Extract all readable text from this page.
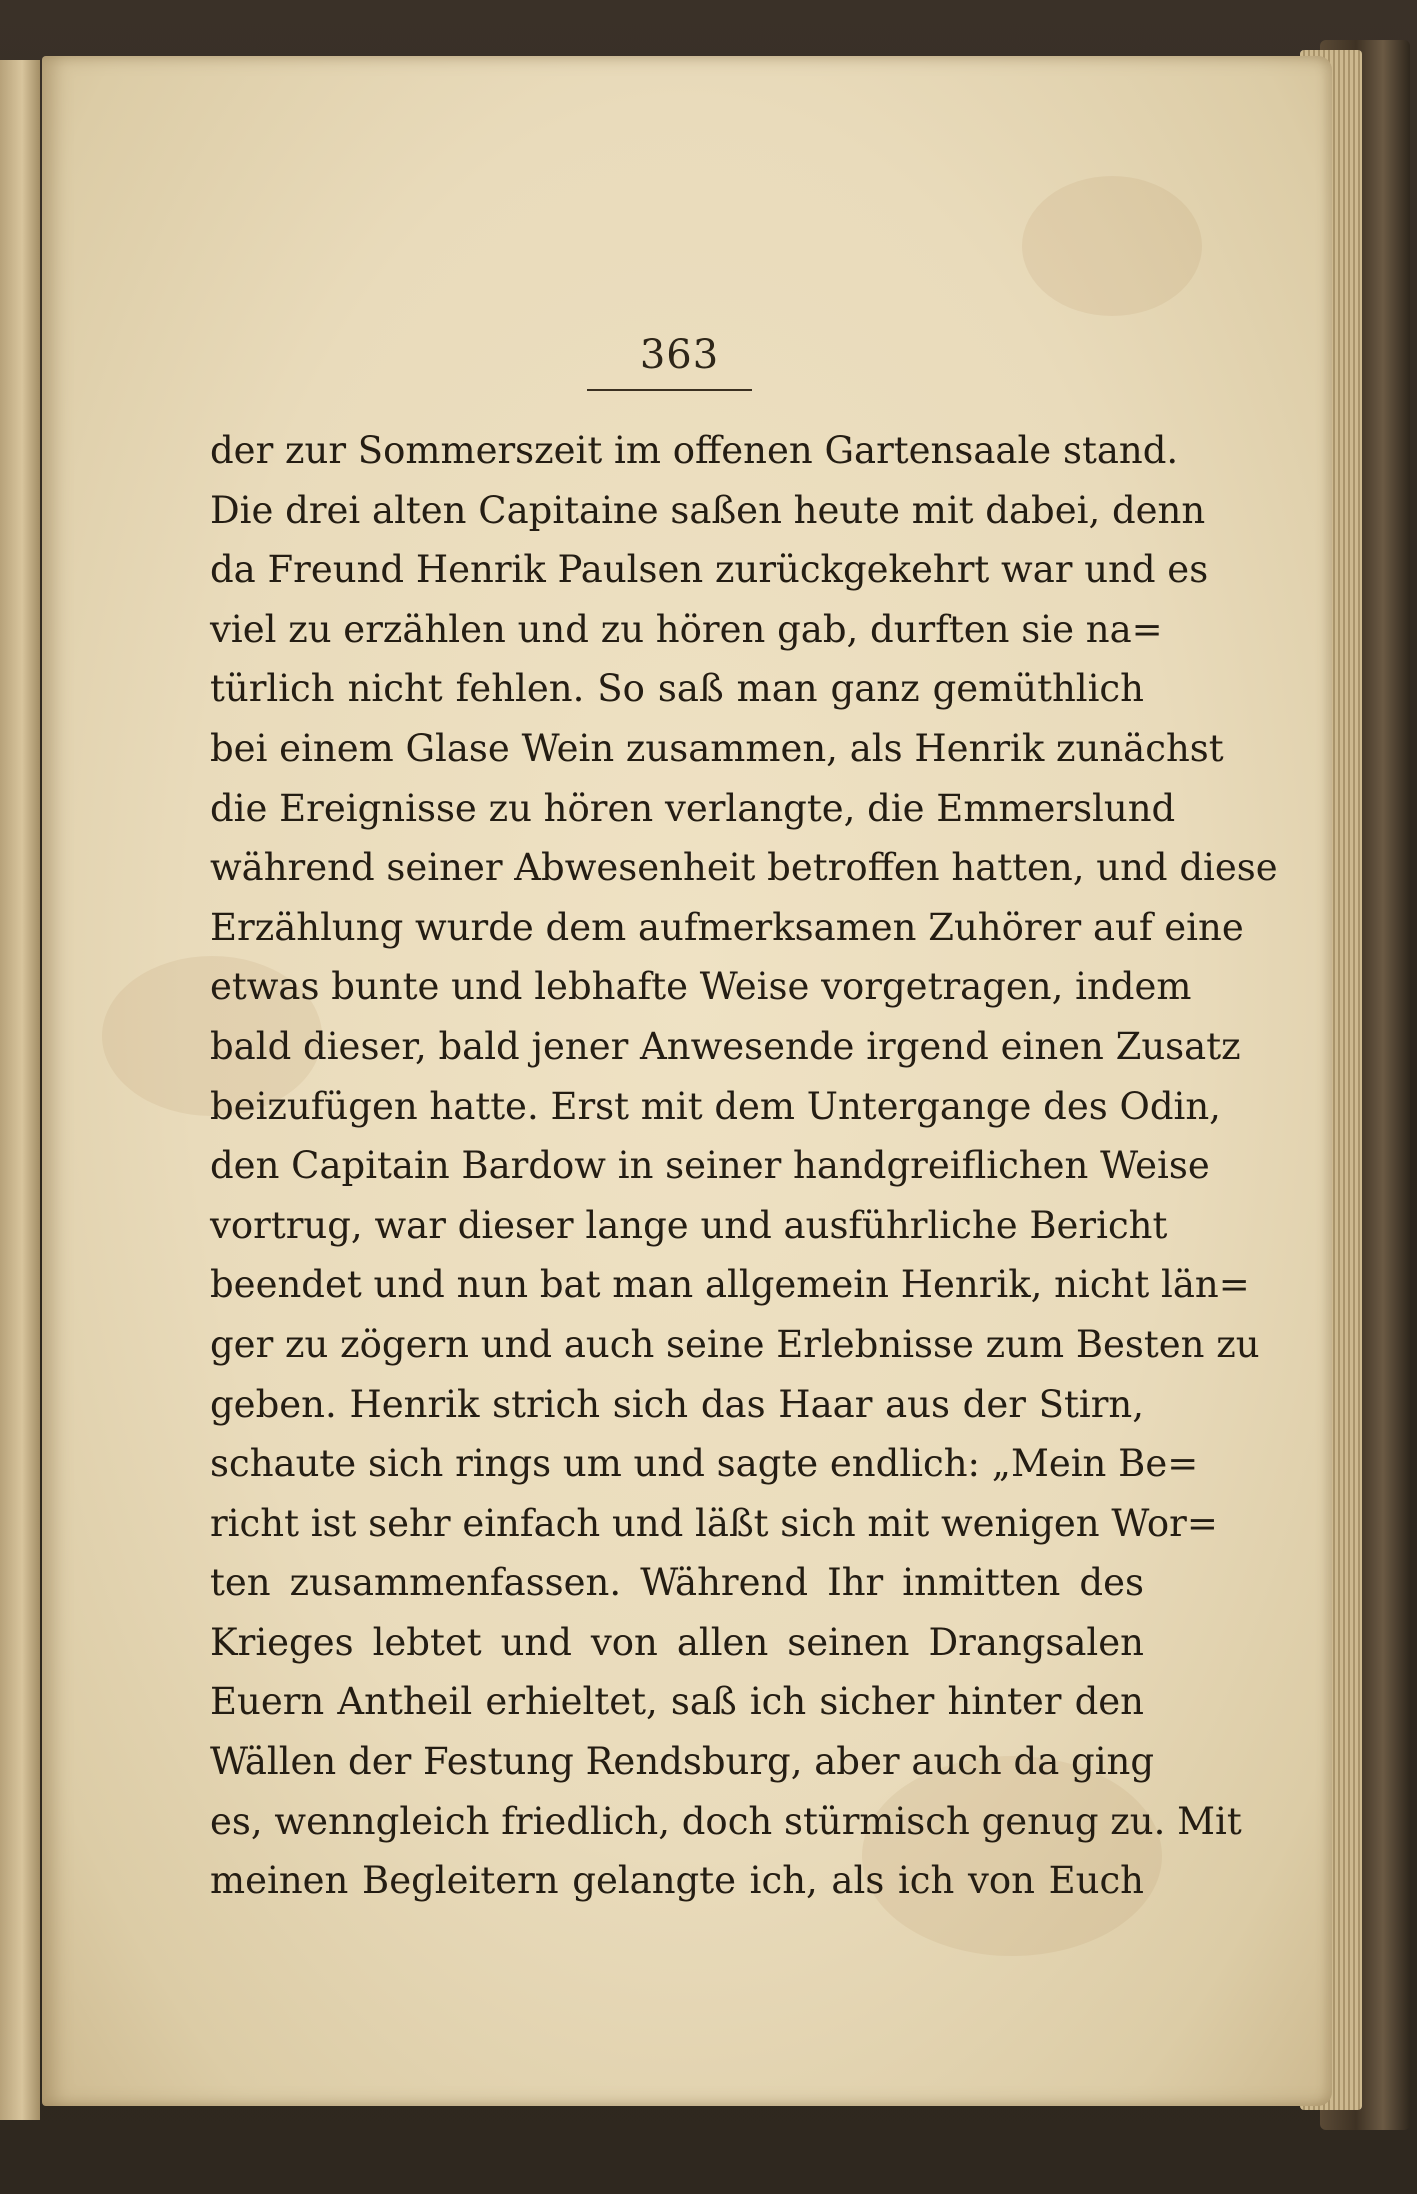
363
der zur Sommerszeit im offenen Gartensaale stand.
Die drei alten Capitaine saßen heute mit dabei, denn
da Freund Henrik Paulsen zurückgekehrt war und es
viel zu erzählen und zu hören gab, durften sie na=
türlich nicht fehlen. So saß man ganz gemüthlich
bei einem Glase Wein zusammen, als Henrik zunächst
die Ereignisse zu hören verlangte, die Emmerslund
während seiner Abwesenheit betroffen hatten, und diese
Erzählung wurde dem aufmerksamen Zuhörer auf eine
etwas bunte und lebhafte Weise vorgetragen, indem
bald dieser, bald jener Anwesende irgend einen Zusatz
beizufügen hatte. Erst mit dem Untergange des Odin,
den Capitain Bardow in seiner handgreiflichen Weise
vortrug, war dieser lange und ausführliche Bericht
beendet und nun bat man allgemein Henrik, nicht län=
ger zu zögern und auch seine Erlebnisse zum Besten zu
geben. Henrik strich sich das Haar aus der Stirn,
schaute sich rings um und sagte endlich: „Mein Be=
richt ist sehr einfach und läßt sich mit wenigen Wor=
ten zusammenfassen. Während Ihr inmitten des
Krieges lebtet und von allen seinen Drangsalen
Euern Antheil erhieltet, saß ich sicher hinter den
Wällen der Festung Rendsburg, aber auch da ging
es, wenngleich friedlich, doch stürmisch genug zu. Mit
meinen Begleitern gelangte ich, als ich von Euch
